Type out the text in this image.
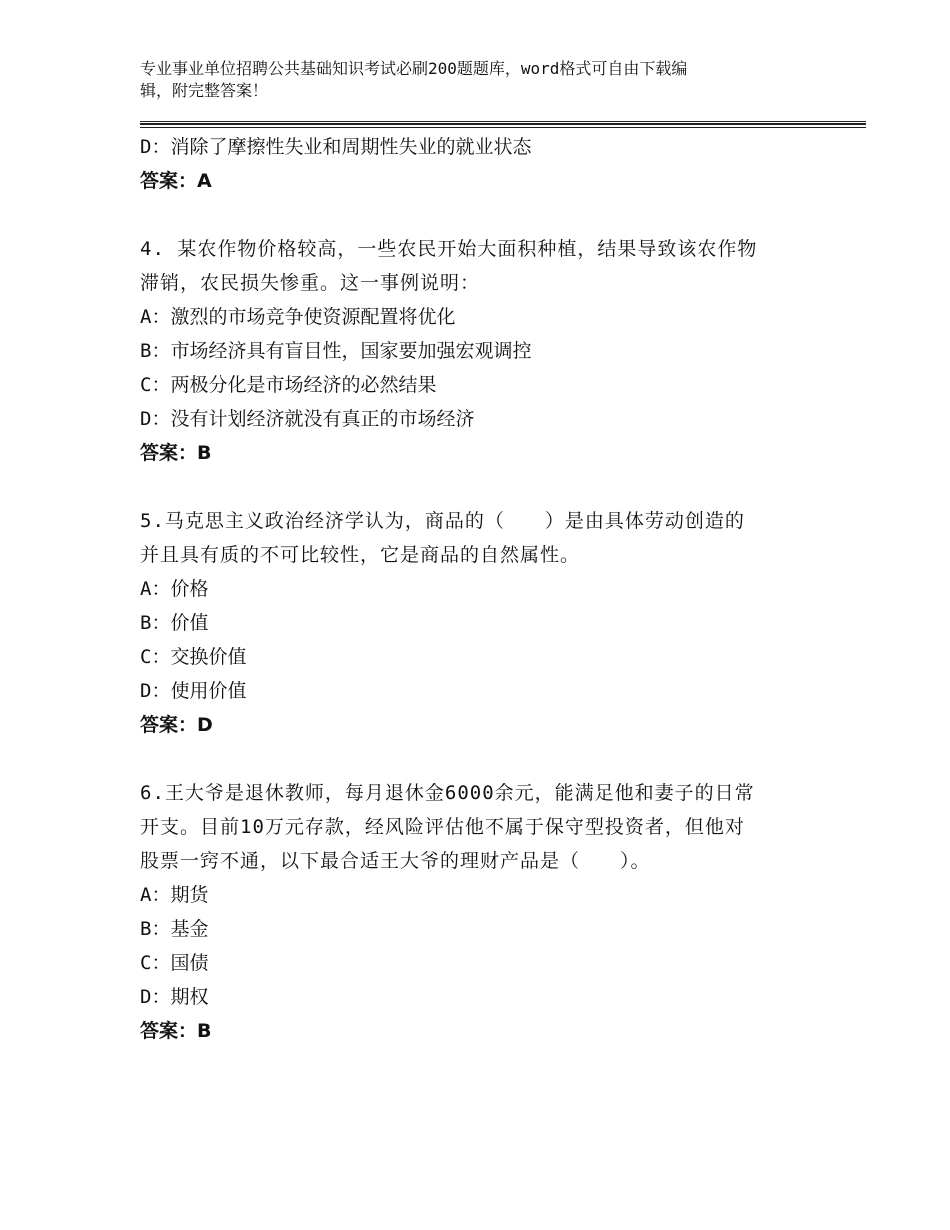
专业事业单位招聘公共基础知识考试必刷200题题库，word格式可自由下载编
辑，附完整答案！
D：消除了摩擦性失业和周期性失业的就业状态
答案：A
4. 某农作物价格较高，一些农民开始大面积种植，结果导致该农作物
滞销，农民损失惨重。这一事例说明：
A：激烈的市场竞争使资源配置将优化
B：市场经济具有盲目性，国家要加强宏观调控
C：两极分化是市场经济的必然结果
D：没有计划经济就没有真正的市场经济
答案：B
5.马克思主义政治经济学认为，商品的（　　）是由具体劳动创造的
并且具有质的不可比较性，它是商品的自然属性。
A：价格
B：价值
C：交换价值
D：使用价值
答案：D
6.王大爷是退休教师，每月退休金6000余元，能满足他和妻子的日常
开支。目前10万元存款，经风险评估他不属于保守型投资者，但他对
股票一窍不通，以下最合适王大爷的理财产品是（　　）。
A：期货
B：基金
C：国债
D：期权
答案：B
